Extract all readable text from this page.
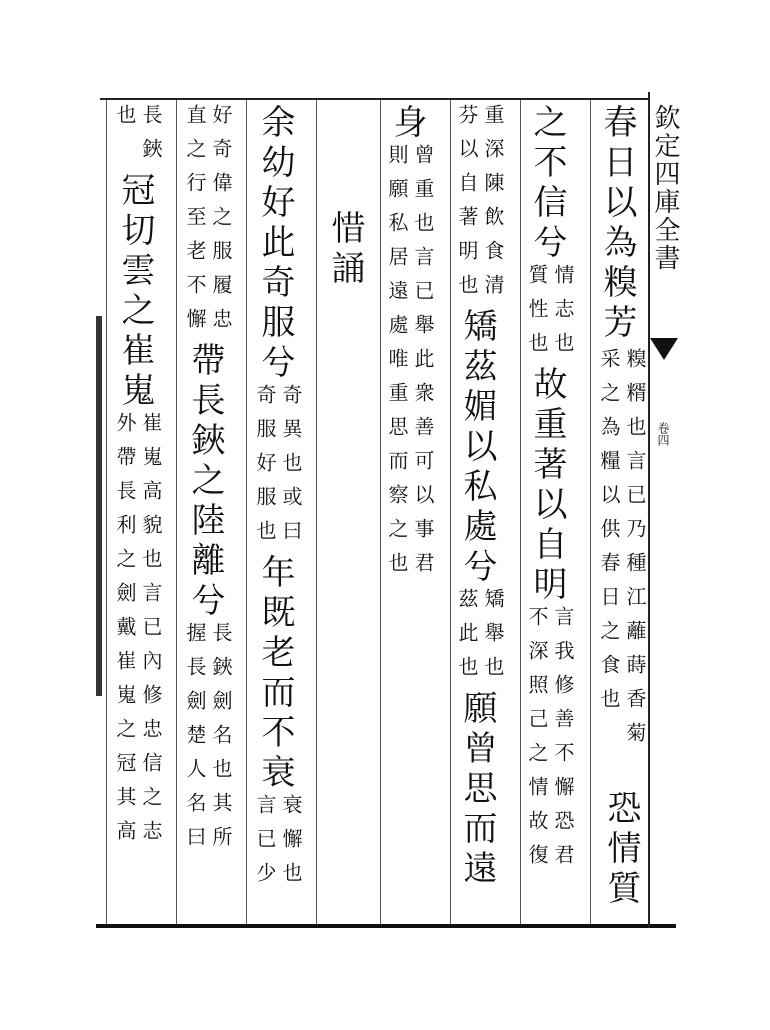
欽定四庫全書
卷四

春日以為糗芳

糗糈也言已乃種江蘺蒔香菊

采之為糧以供春日之食也

恐情質

之不信兮

情志也

質性也

故重著以自明

言我修善不懈恐君

不深照己之情故復

重深陳飲食清

芬以自著明也

矯茲媚以私處兮

矯舉也

茲此也

願曾思而遠

身

曾重也言已舉此衆善可以事君

則願私居遠處唯重思而察之也

惜誦

余幼好此奇服兮

奇異也或曰

奇服好服也

年既老而不衰

衰懈也

言已少

好奇偉之服履忠

直之行至老不懈

帶長鋏之陸離兮

長鋏劍名也其所

握長劍楚人名曰

長鋏

也

冠切雲之崔嵬

崔嵬高貌也言已內修忠信之志

外帶長利之劍戴崔嵬之冠其高
